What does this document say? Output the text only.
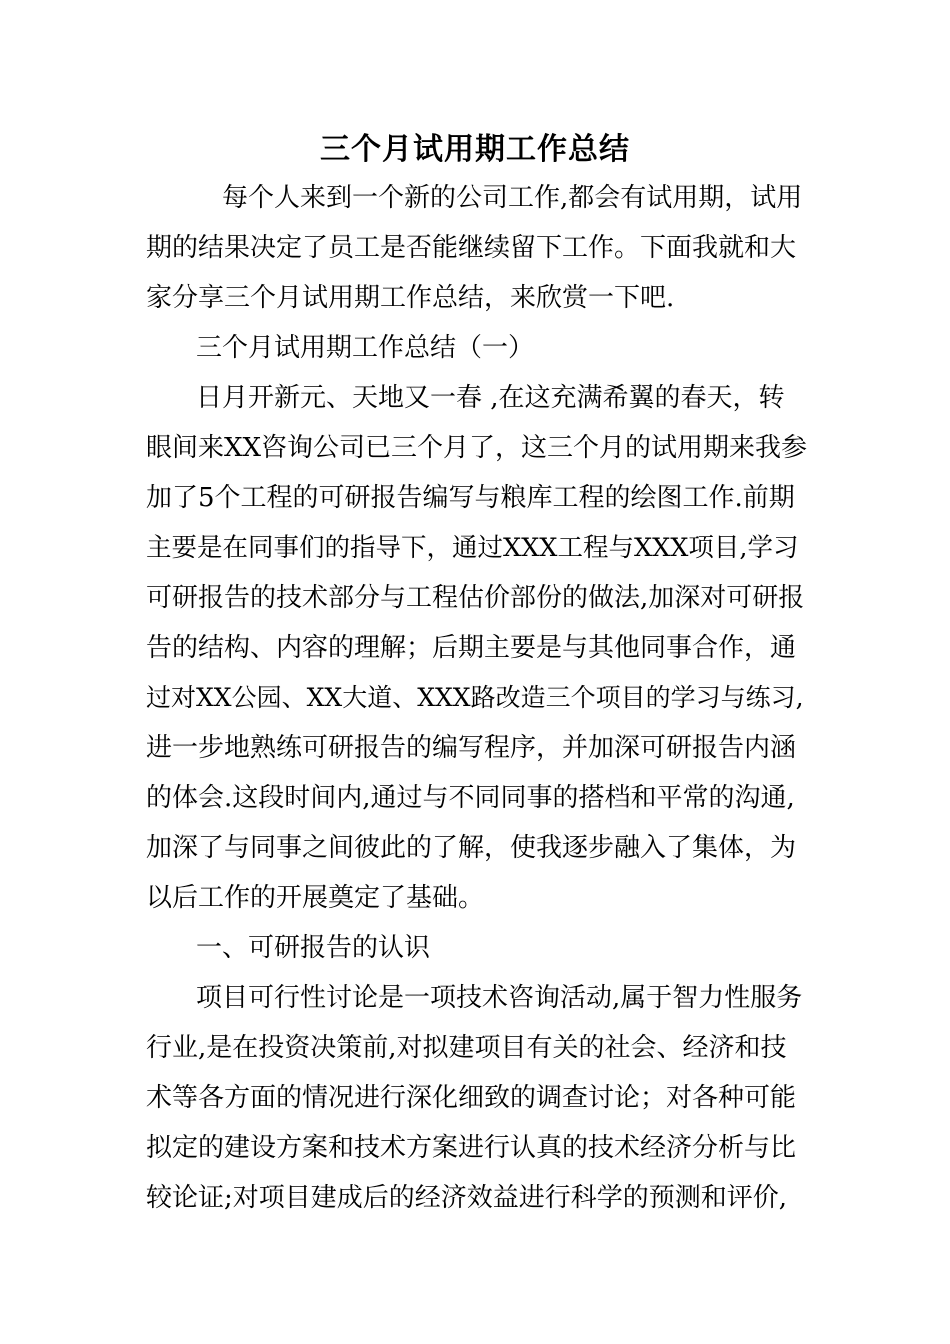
三个月试用期工作总结

每个人来到一个新的公司工作,都会有试用期，试用

期的结果决定了员工是否能继续留下工作。下面我就和大

家分享三个月试用期工作总结，来欣赏一下吧.

三个月试用期工作总结（一）

日月开新元、天地又一春 ,在这充满希翼的春天，转

眼间来XX咨询公司已三个月了，这三个月的试用期来我参

加了5个工程的可研报告编写与粮库工程的绘图工作.前期

主要是在同事们的指导下，通过XXX工程与XXX项目,学习

可研报告的技术部分与工程估价部份的做法,加深对可研报

告的结构、内容的理解；后期主要是与其他同事合作，通

过对XX公园、XX大道、XXX路改造三个项目的学习与练习,

进一步地熟练可研报告的编写程序，并加深可研报告内涵

的体会.这段时间内,通过与不同同事的搭档和平常的沟通,

加深了与同事之间彼此的了解，使我逐步融入了集体，为

以后工作的开展奠定了基础。

一、可研报告的认识

项目可行性讨论是一项技术咨询活动,属于智力性服务

行业,是在投资决策前,对拟建项目有关的社会、经济和技

术等各方面的情况进行深化细致的调查讨论；对各种可能

拟定的建设方案和技术方案进行认真的技术经济分析与比

较论证;对项目建成后的经济效益进行科学的预测和评价,
